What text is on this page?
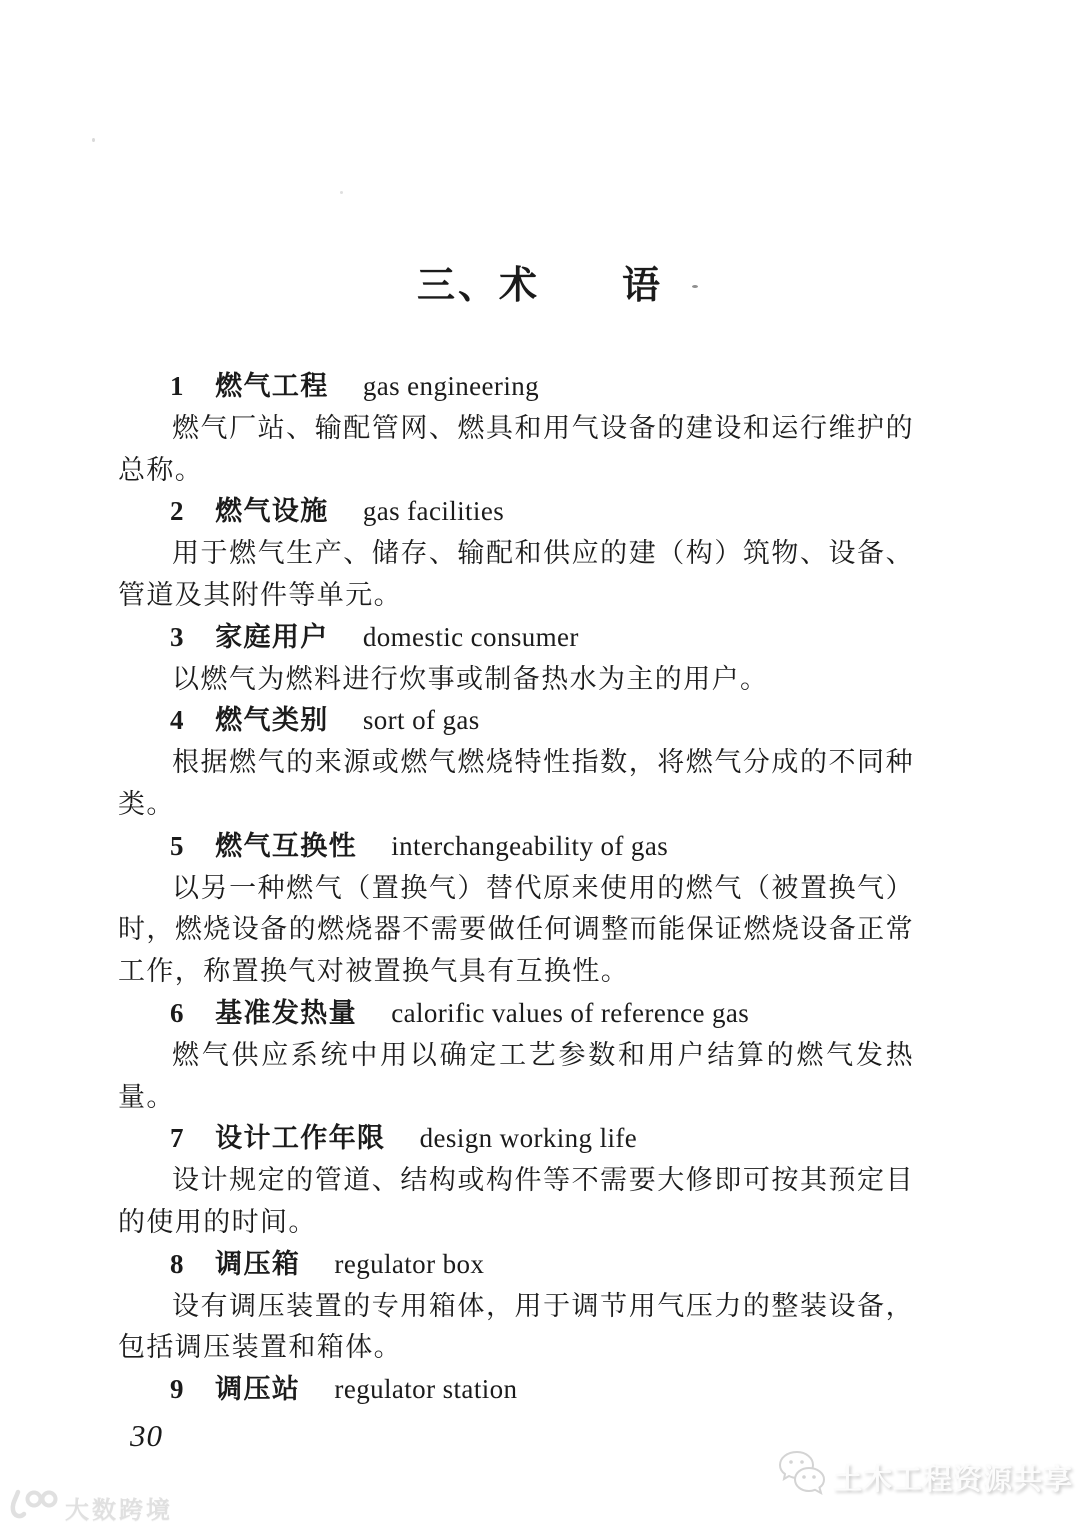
三、术　　语
1 燃气工程 gas engineering

燃气厂站、输配管网、燃具和用气设备的建设和运行维护的总称。

2 燃气设施 gas facilities

用于燃气生产、储存、输配和供应的建（构）筑物、设备、管道及其附件等单元。

3 家庭用户 domestic consumer

以燃气为燃料进行炊事或制备热水为主的用户。

4 燃气类别 sort of gas

根据燃气的来源或燃气燃烧特性指数，将燃气分成的不同种类。

5 燃气互换性 interchangeability of gas

以另一种燃气（置换气）替代原来使用的燃气（被置换气）时，燃烧设备的燃烧器不需要做任何调整而能保证燃烧设备正常工作，称置换气对被置换气具有互换性。

6 基准发热量 calorific values of reference gas

燃气供应系统中用以确定工艺参数和用户结算的燃气发热量。

7 设计工作年限 design working life

设计规定的管道、结构或构件等不需要大修即可按其预定目的使用的时间。

8 调压箱 regulator box

设有调压装置的专用箱体，用于调节用气压力的整装设备，包括调压装置和箱体。

9 调压站 regulator station
30
大数跨境
土木工程资源共享
